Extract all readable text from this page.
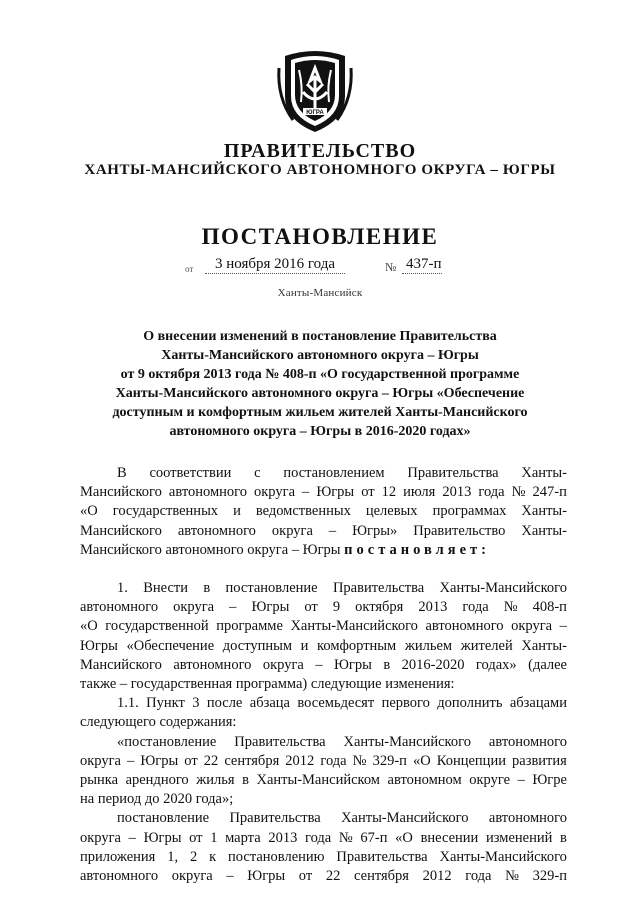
ЮГРА
ПРАВИТЕЛЬСТВО
ХАНТЫ-МАНСИЙСКОГО АВТОНОМНОГО ОКРУГА – ЮГРЫ
ПОСТАНОВЛЕНИЕ
от	3 ноября 2016 года	№ 437-п
Ханты-Мансийск
О внесении изменений в постановление Правительства
Ханты-Мансийского автономного округа – Югры
от 9 октября 2013 года № 408-п «О государственной программе
Ханты-Мансийского автономного округа – Югры «Обеспечение
доступным и комфортным жильем жителей Ханты-Мансийского
автономного округа – Югры в 2016-2020 годах»
В соответствии с постановлением Правительства Ханты-
Мансийского автономного округа – Югры от 12 июля 2013 года № 247-п
«О государственных и ведомственных целевых программах Ханты-
Мансийского автономного округа – Югры» Правительство Ханты-
Мансийского автономного округа – Югры постановляет:
1. Внести в постановление Правительства Ханты-Мансийского
автономного округа – Югры от 9 октября 2013 года № 408-п
«О государственной программе Ханты-Мансийского автономного округа –
Югры «Обеспечение доступным и комфортным жильем жителей Ханты-
Мансийского автономного округа – Югры в 2016-2020 годах» (далее
также – государственная программа) следующие изменения:
1.1. Пункт 3 после абзаца восемьдесят первого дополнить абзацами
следующего содержания:
«постановление Правительства Ханты-Мансийского автономного
округа – Югры от 22 сентября 2012 года № 329-п «О Концепции развития
рынка арендного жилья в Ханты-Мансийском автономном округе – Югре
на период до 2020 года»;
постановление Правительства Ханты-Мансийского автономного
округа – Югры от 1 марта 2013 года № 67-п «О внесении изменений в
приложения 1, 2 к постановлению Правительства Ханты-Мансийского
автономного округа – Югры от 22 сентября 2012 года № 329-п
